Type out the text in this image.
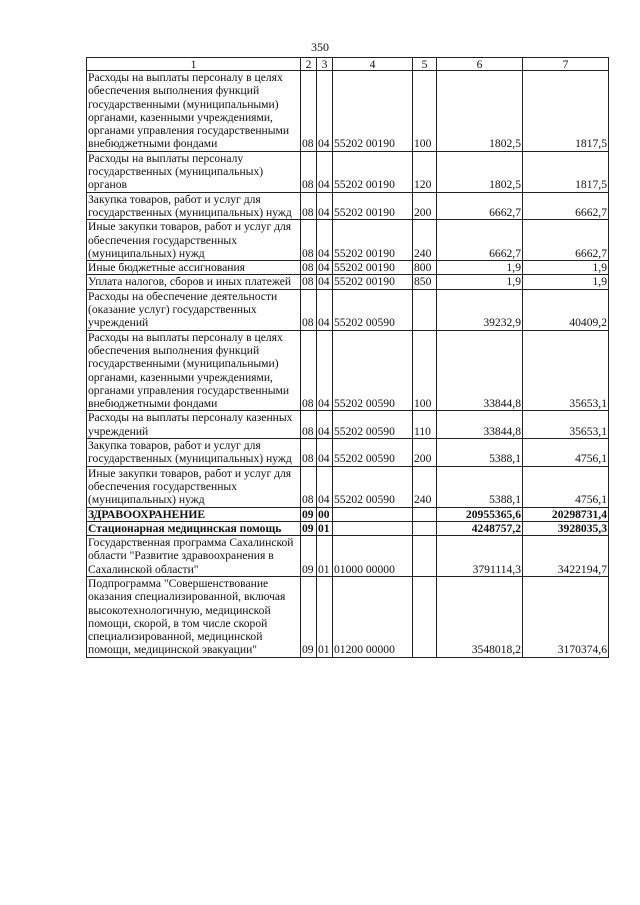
350
1	2	3	4	5	6	7
Расходы на выплаты персоналу в целях обеспечения выполнения функций государственными (муниципальными) органами, казенными учреждениями, органами управления государственными внебюджетными фондами	08	04	55202 00190	100	1802,5	1817,5
Расходы на выплаты персоналу государственных (муниципальных) органов	08	04	55202 00190	120	1802,5	1817,5
Закупка товаров, работ и услуг для государственных (муниципальных) нужд	08	04	55202 00190	200	6662,7	6662,7
Иные закупки товаров, работ и услуг для обеспечения государственных (муниципальных) нужд	08	04	55202 00190	240	6662,7	6662,7
Иные бюджетные ассигнования	08	04	55202 00190	800	1,9	1,9
Уплата налогов, сборов и иных платежей	08	04	55202 00190	850	1,9	1,9
Расходы на обеспечение деятельности (оказание услуг) государственных учреждений	08	04	55202 00590		39232,9	40409,2
Расходы на выплаты персоналу в целях обеспечения выполнения функций государственными (муниципальными) органами, казенными учреждениями, органами управления государственными внебюджетными фондами	08	04	55202 00590	100	33844,8	35653,1
Расходы на выплаты персоналу казенных учреждений	08	04	55202 00590	110	33844,8	35653,1
Закупка товаров, работ и услуг для государственных (муниципальных) нужд	08	04	55202 00590	200	5388,1	4756,1
Иные закупки товаров, работ и услуг для обеспечения государственных (муниципальных) нужд	08	04	55202 00590	240	5388,1	4756,1
ЗДРАВООХРАНЕНИЕ	09	00			20955365,6	20298731,4
Стационарная медицинская помощь	09	01			4248757,2	3928035,3
Государственная программа Сахалинской области "Развитие здравоохранения в Сахалинской области"	09	01	01000 00000		3791114,3	3422194,7
Подпрограмма "Совершенствование оказания специализированной, включая высокотехнологичную, медицинской помощи, скорой, в том числе скорой специализированной, медицинской помощи, медицинской эвакуации"	09	01	01200 00000		3548018,2	3170374,6
